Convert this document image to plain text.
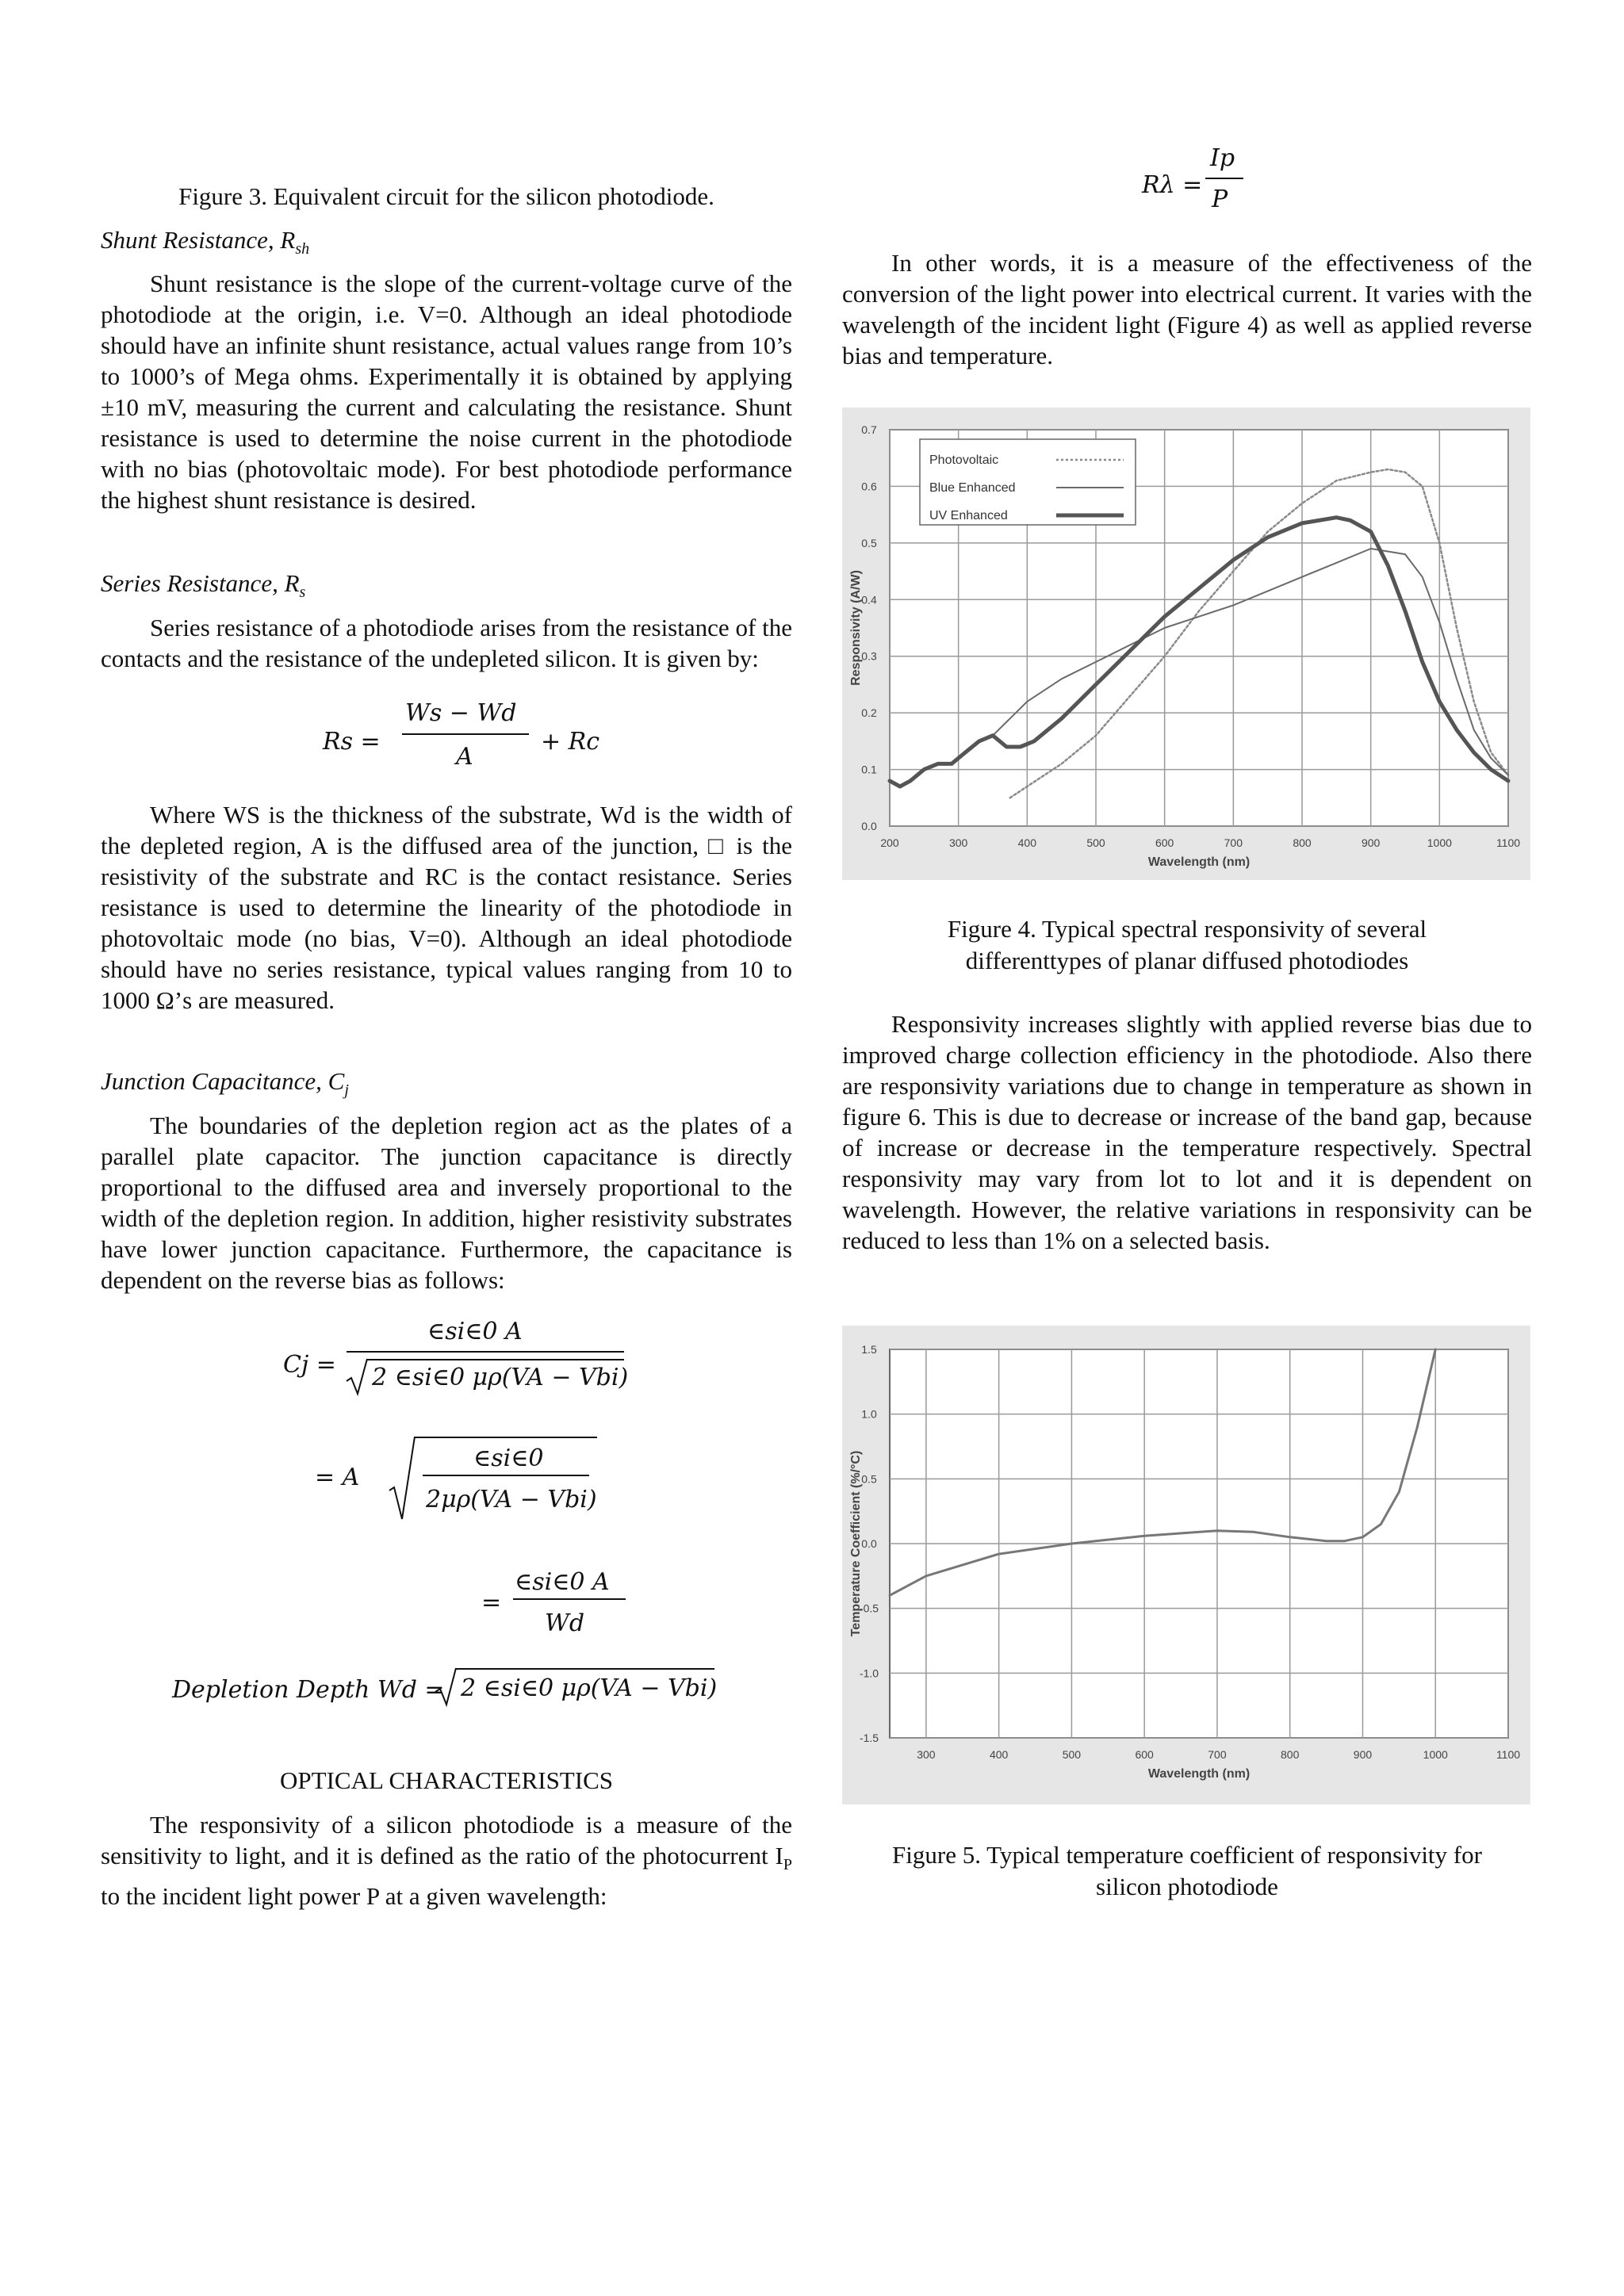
Figure 3. Equivalent circuit for the silicon photodiode.

Shunt Resistance, $R_{sh}$

Shunt resistance is the slope of the current-voltage curve of the photodiode at the origin, i.e. V=0. Although an ideal photodiode should have an infinite shunt resistance, actual values range from 10’s to 1000’s of Mega ohms. Experimentally it is obtained by applying ±10 mV, measuring the current and calculating the resistance. Shunt resistance is used to determine the noise current in the photodiode with no bias (photovoltaic mode). For best photodiode performance the highest shunt resistance is desired.

Series Resistance, $R_s$

Series resistance of a photodiode arises from the resistance of the contacts and the resistance of the undepleted silicon. It is given by:

Rs =
Ws − Wd
A
+ Rc

Where WS is the thickness of the substrate, Wd is the width of the depleted region, A is the diffused area of the junction, □ is the resistivity of the substrate and RC is the contact resistance. Series resistance is used to determine the linearity of the photodiode in photovoltaic mode (no bias, V=0). Although an ideal photodiode should have no series resistance, typical values ranging from 10 to 1000 Ω’s are measured.

Junction Capacitance, $C_j$

The boundaries of the depletion region act as the plates of a parallel plate capacitor. The junction capacitance is directly proportional to the diffused area and inversely proportional to the width of the depletion region. In addition, higher resistivity substrates have lower junction capacitance. Furthermore, the capacitance is dependent on the reverse bias as follows:

Cj =
∈si∈0 A
2 ∈si∈0 μρ(VA − Vbi)
= A
∈si∈0
2μρ(VA − Vbi)
=
∈si∈0 A
Wd
Depletion Depth Wd = 2 ∈si∈0 μρ(VA − Vbi)

OPTICAL CHARACTERISTICS

The responsivity of a silicon photodiode is a measure of the sensitivity to light, and it is defined as the ratio of the photocurrent $I_P$ to the incident light power P at a given wavelength:

Rλ =
Ip
P

In other words, it is a measure of the effectiveness of the conversion of the light power into electrical current. It varies with the wavelength of the incident light (Figure 4) as well as applied reverse bias and temperature.

Figure 4. Typical spectral responsivity of several

differenttypes of planar diffused photodiodes

Responsivity increases slightly with applied reverse bias due to improved charge collection efficiency in the photodiode. Also there are responsivity variations due to change in temperature as shown in figure 6. This is due to decrease or increase of the band gap, because of increase or decrease in the temperature respectively. Spectral responsivity may vary from lot to lot and it is dependent on wavelength. However, the relative variations in responsivity can be reduced to less than 1% on a selected basis.

Figure 5. Typical temperature coefficient of responsivity for

silicon photodiode

200	300	400	500	600	700	800	900	1000	1100
0.0
0.1
0.2
0.3
0.4
0.5
0.6
0.7
Wavelength (nm)
Responsivity (A/W)
Photovoltaic
Blue Enhanced
UV Enhanced
300	400	500	600	700	800	900	1000	1100
1.5
1.0
0.5
0.0
-0.5
-1.0
-1.5
Wavelength (nm)
Temperature Coefficient (%/°C)
